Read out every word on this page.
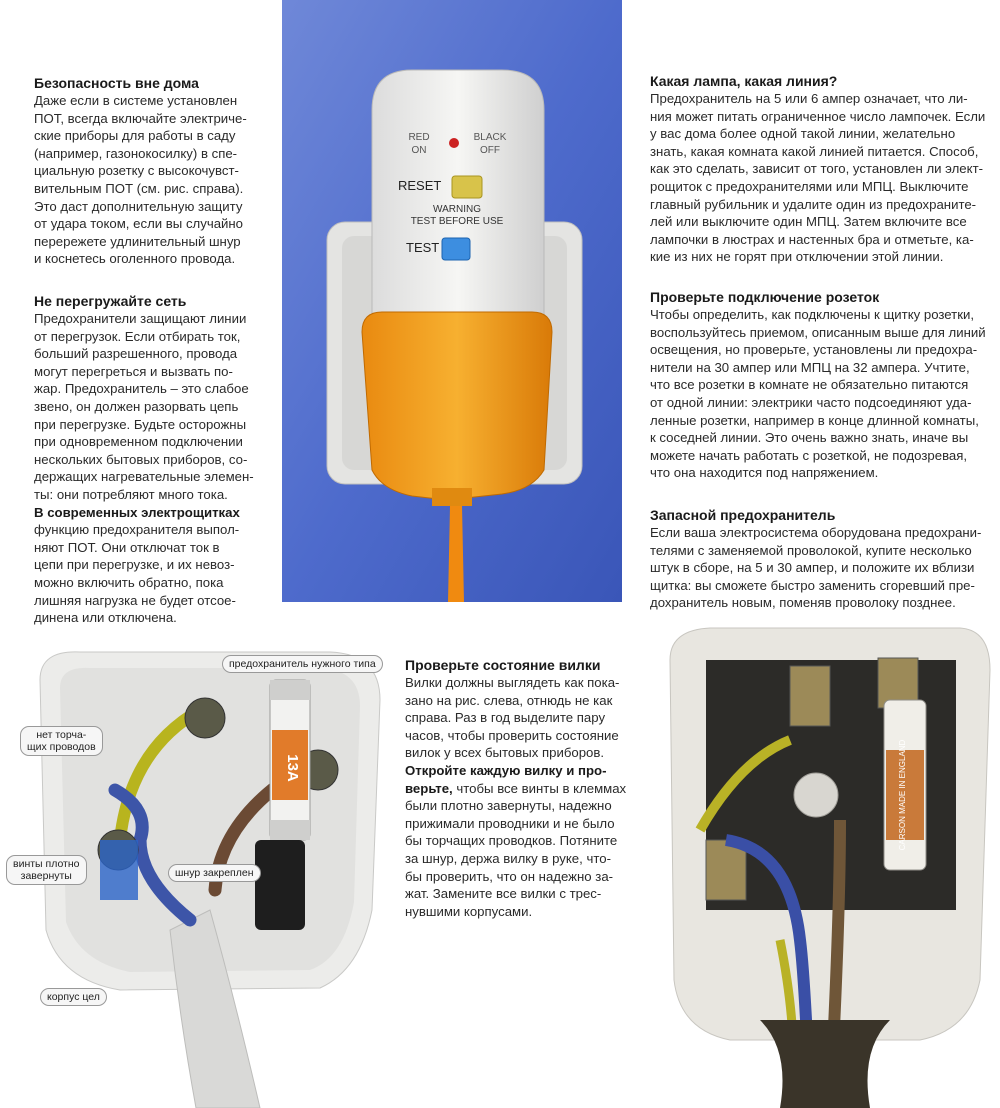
Безопасность вне дома

Даже если в системе установлен
ПОТ, всегда включайте электриче-
ские приборы для работы в саду
(например, газонокосилку) в спе-
циальную розетку с высокочувст-
вительным ПОТ (см. рис. справа).
Это даст дополнительную защиту
от удара током, если вы случайно
перережете удлинительный шнур
и коснетесь оголенного провода.

Не перегружайте сеть

Предохранители защищают линии
от перегрузок. Если отбирать ток,
больший разрешенного, провода
могут перегреться и вызвать по-
жар. Предохранитель – это слабое
звено, он должен разорвать цепь
при перегрузке. Будьте осторожны
при одновременном подключении
нескольких бытовых приборов, со-
держащих нагревательные элемен-
ты: они потребляют много тока.

В современных электрощитках

функцию предохранителя выпол-
няют ПОТ. Они отключат ток в
цепи при перегрузке, и их невоз-
можно включить обратно, пока
лишняя нагрузка не будет отсое-
динена или отключена.

Какая лампа, какая линия?

Предохранитель на 5 или 6 ампер означает, что ли-
ния может питать ограниченное число лампочек. Если
у вас дома более одной такой линии, желательно
знать, какая комната какой линией питается. Способ,
как это сделать, зависит от того, установлен ли элект-
рощиток с предохранителями или МПЦ. Выключите
главный рубильник и удалите один из предохраните-
лей или выключите один МПЦ. Затем включите все
лампочки в люстрах и настенных бра и отметьте, ка-
кие из них не горят при отключении этой линии.

Проверьте подключение розеток

Чтобы определить, как подключены к щитку розетки,
воспользуйтесь приемом, описанным выше для линий
освещения, но проверьте, установлены ли предохра-
нители на 30 ампер или МПЦ на 32 ампера. Учтите,
что все розетки в комнате не обязательно питаются
от одной линии: электрики часто подсоединяют уда-
ленные розетки, например в конце длинной комнаты,
к соседней линии. Это очень важно знать, иначе вы
можете начать работать с розеткой, не подозревая,
что она находится под напряжением.

Запасной предохранитель

Если ваша электросистема оборудована предохрани-
телями с заменяемой проволокой, купите несколько
штук в сборе, на 5 и 30 ампер, и положите их вблизи
щитка: вы сможете быстро заменить сгоревший пре-
дохранитель новым, поменяв проволоку позднее.

Проверьте состояние вилки

Вилки должны выглядеть как пока-
зано на рис. слева, отнюдь не как
справа. Раз в год выделите пару
часов, чтобы проверить состояние
вилок у всех бытовых приборов.

Откройте каждую вилку и про-
верьте, чтобы все винты в клеммах
были плотно завернуты, надежно
прижимали проводники и не было
бы торчащих проводков. Потяните
за шнур, держа вилку в руке, что-
бы проверить, что он надежно за-
жат. Замените все вилки с трес-
нувшими корпусами.

RED ON
BLACK OFF
RESET
WARNING TEST BEFORE USE
TEST
13A
предохранитель нужного типа
нет торча-
щих проводов
винты плотно
завернуты	шнур закреплен
корпус цел
CARSON MADE IN ENGLAND
